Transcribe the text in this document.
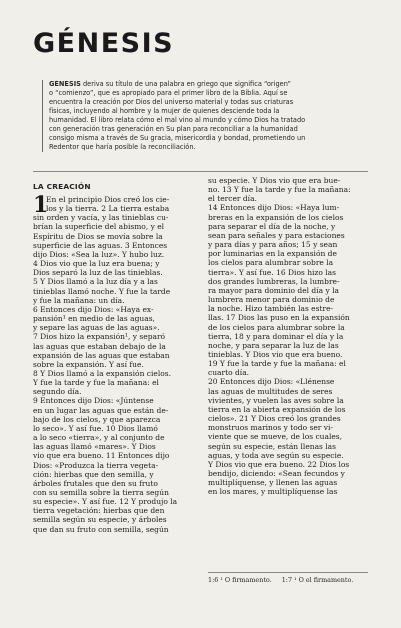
GÉNESIS
GÉNESIS deriva su título de una palabra en griego que significa “origen”
o “comienzo”, que es apropiado para el primer libro de la Biblia. Aquí se
encuentra la creación por Dios del universo material y todas sus criaturas
físicas, incluyendo al hombre y la mujer de quienes desciende toda la
humanidad. El libro relata cómo el mal vino al mundo y cómo Dios ha tratado
con generación tras generación en Su plan para reconciliar a la humanidad
consigo misma a través de Su gracia, misericordia y bondad, prometiendo un
Redentor que haría posible la reconciliación.
LA CREACIÓN
1
En el principio Dios creó los cie-
los y la tierra. 2 La tierra estaba
sin orden y vacía, y las tinieblas cu-
brían la superficie del abismo, y el
Espíritu de Dios se movía sobre la
superficie de las aguas. 3 Entonces
dijo Dios: «Sea la luz». Y hubo luz.
4 Dios vio que la luz era buena; y
Dios separó la luz de las tinieblas.
5 Y Dios llamó a la luz día y a las
tinieblas llamó noche. Y fue la tarde
y fue la mañana: un día.
6 Entonces dijo Dios: «Haya ex-
pansión¹ en medio de las aguas,
y separe las aguas de las aguas».
7 Dios hizo la expansión¹, y separó
las aguas que estaban debajo de la
expansión de las aguas que estaban
sobre la expansión. Y así fue.
8 Y Dios llamó a la expansión cielos.
Y fue la tarde y fue la mañana: el
segundo día.
9 Entonces dijo Dios: «Júntense
en un lugar las aguas que están de-
bajo de los cielos, y que aparezca
lo seco». Y así fue. 10 Dios llamó
a lo seco «tierra», y al conjunto de
las aguas llamó «mares». Y Dios
vio que era bueno. 11 Entonces dijo
Dios: «Produzca la tierra vegeta-
ción: hierbas que den semilla, y
árboles frutales que den su fruto
con su semilla sobre la tierra según
su especie». Y así fue. 12 Y produjo la
tierra vegetación: hierbas que den
semilla según su especie, y árboles
que dan su fruto con semilla, según
su especie. Y Dios vio que era bue-
no. 13 Y fue la tarde y fue la mañana:
el tercer día.
14 Entonces dijo Dios: «Haya lum-
breras en la expansión de los cielos
para separar el día de la noche, y
sean para señales y para estaciones
y para días y para años; 15 y sean
por luminarias en la expansión de
los cielos para alumbrar sobre la
tierra». Y así fue. 16 Dios hizo las
dos grandes lumbreras, la lumbre-
ra mayor para dominio del día y la
lumbrera menor para dominio de
la noche. Hizo también las estre-
llas. 17 Dios las puso en la expansión
de los cielos para alumbrar sobre la
tierra, 18 y para dominar el día y la
noche, y para separar la luz de las
tinieblas. Y Dios vio que era bueno.
19 Y fue la tarde y fue la mañana: el
cuarto día.
20 Entonces dijo Dios: «Llénense
las aguas de multitudes de seres
vivientes, y vuelen las aves sobre la
tierra en la abierta expansión de los
cielos». 21 Y Dios creó los grandes
monstruos marinos y todo ser vi-
viente que se mueve, de los cuales,
según su especie, están llenas las
aguas, y toda ave según su especie.
Y Dios vio que era bueno. 22 Dios los
bendijo, diciendo: «Sean fecundos y
multiplíquense, y llenen las aguas
en los mares, y multiplíquense las
1:6 ¹ O firmamento. 1:7 ¹ O el firmamento.
